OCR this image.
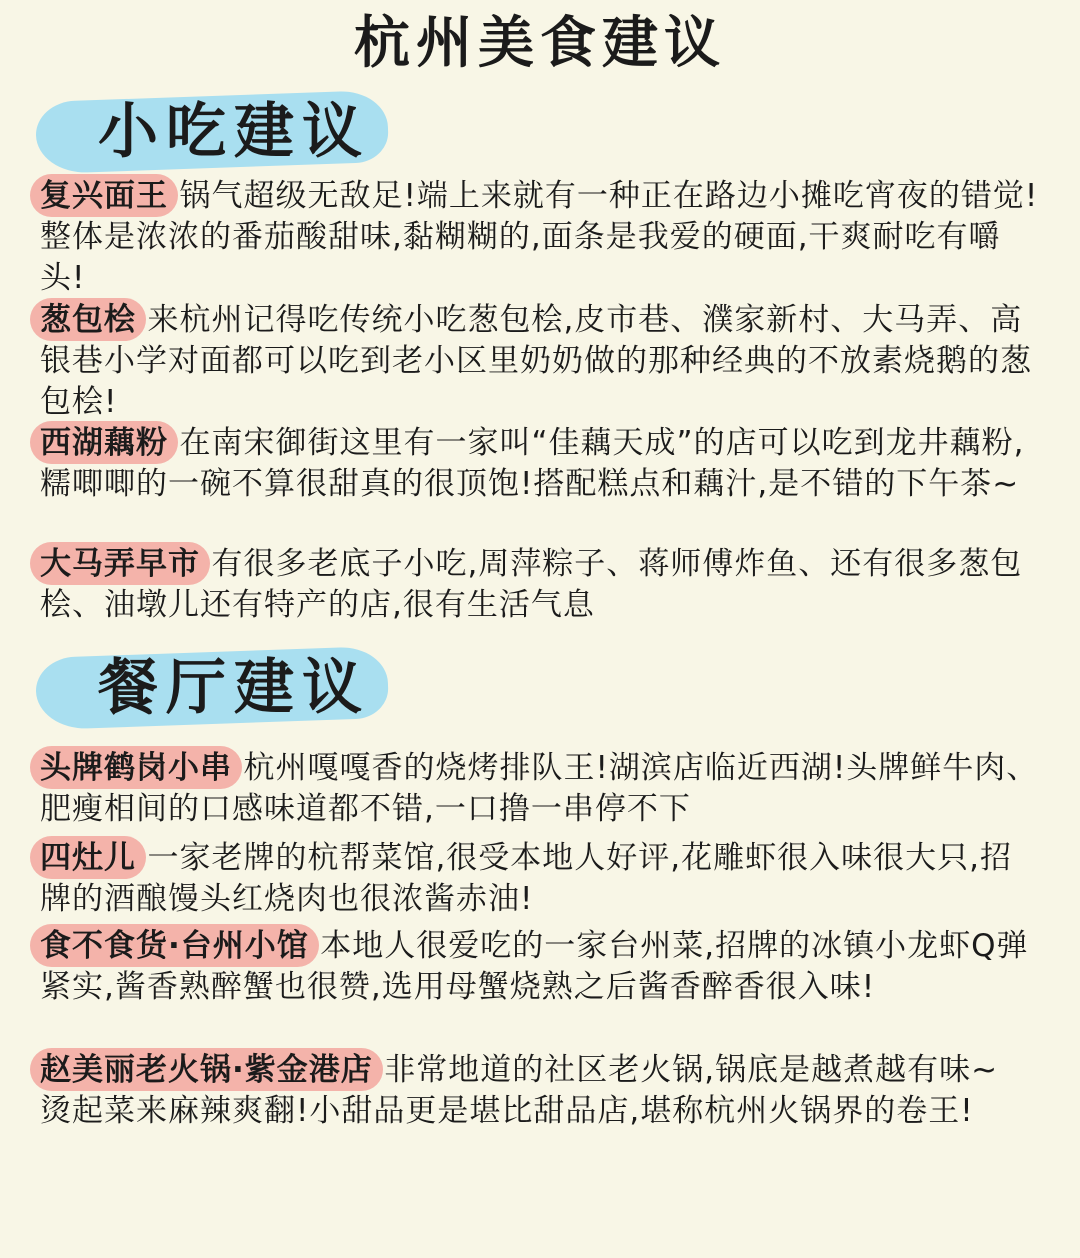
杭州美食建议
小吃建议
复兴面王:锅气超级无敌足!端上来就有一种正在路边小摊吃宵夜的错觉!整体是浓浓的番茄酸甜味,黏糊糊的,面条是我爱的硬面,干爽耐吃有嚼头!
葱包桧:来杭州记得吃传统小吃葱包桧,皮市巷、濮家新村、大马弄、高银巷小学对面都可以吃到老小区里奶奶做的那种经典的不放素烧鹅的葱包桧!
西湖藕粉:在南宋御街这里有一家叫“佳藕天成”的店可以吃到龙井藕粉,糯唧唧的一碗不算很甜真的很顶饱!搭配糕点和藕汁,是不错的下午茶~
大马弄早市:有很多老底子小吃,周萍粽子、蒋师傅炸鱼、还有很多葱包桧、油墩儿还有特产的店,很有生活气息
餐厅建议
头牌鹤岗小串:杭州嘎嘎香的烧烤排队王!湖滨店临近西湖!头牌鲜牛肉、肥瘦相间的口感味道都不错,一口撸一串停不下
四灶儿:一家老牌的杭帮菜馆,很受本地人好评,花雕虾很入味很大只,招牌的酒酿馒头红烧肉也很浓酱赤油!
食不食货·台州小馆:本地人很爱吃的一家台州菜,招牌的冰镇小龙虾Q弹紧实,酱香熟醉蟹也很赞,选用母蟹烧熟之后酱香醉香很入味!
赵美丽老火锅·紫金港店:非常地道的社区老火锅,锅底是越煮越有味~ 烫起菜来麻辣爽翻!小甜品更是堪比甜品店,堪称杭州火锅界的卷王!
